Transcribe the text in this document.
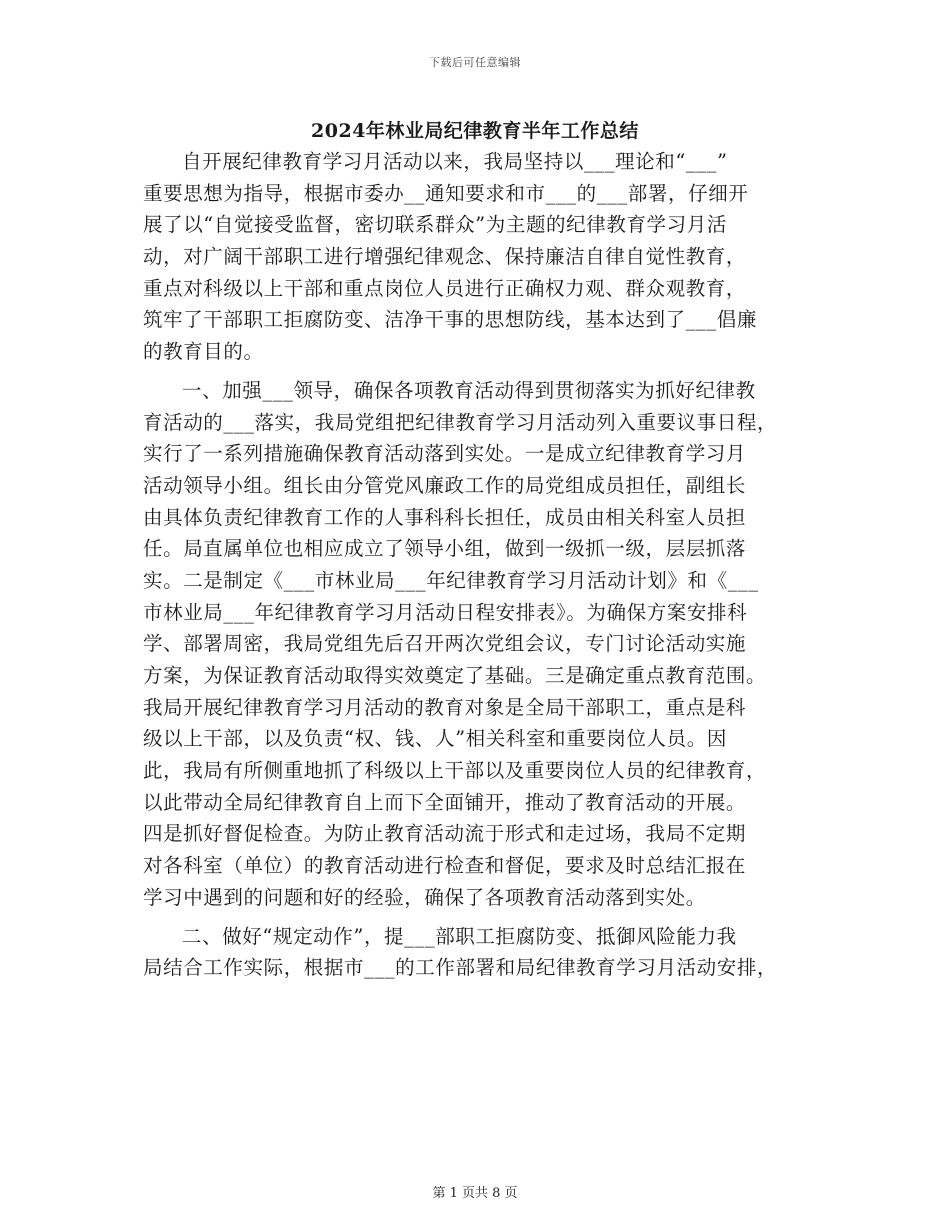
下载后可任意编辑
2024年林业局纪律教育半年工作总结
自开展纪律教育学习月活动以来，我局坚持以___理论和“___”
重要思想为指导，根据市委办__通知要求和市___的___部署，仔细开
展了以“自觉接受监督，密切联系群众”为主题的纪律教育学习月活
动，对广阔干部职工进行增强纪律观念、保持廉洁自律自觉性教育，
重点对科级以上干部和重点岗位人员进行正确权力观、群众观教育，
筑牢了干部职工拒腐防变、洁净干事的思想防线，基本达到了___倡廉
的教育目的。
一、加强___领导，确保各项教育活动得到贯彻落实为抓好纪律教
育活动的___落实，我局党组把纪律教育学习月活动列入重要议事日程，
实行了一系列措施确保教育活动落到实处。一是成立纪律教育学习月
活动领导小组。组长由分管党风廉政工作的局党组成员担任，副组长
由具体负责纪律教育工作的人事科科长担任，成员由相关科室人员担
任。局直属单位也相应成立了领导小组，做到一级抓一级，层层抓落
实。二是制定《___市林业局___年纪律教育学习月活动计划》和《___
市林业局___年纪律教育学习月活动日程安排表》。为确保方案安排科
学、部署周密，我局党组先后召开两次党组会议，专门讨论活动实施
方案，为保证教育活动取得实效奠定了基础。三是确定重点教育范围。
我局开展纪律教育学习月活动的教育对象是全局干部职工，重点是科
级以上干部，以及负责“权、钱、人”相关科室和重要岗位人员。因
此，我局有所侧重地抓了科级以上干部以及重要岗位人员的纪律教育，
以此带动全局纪律教育自上而下全面铺开，推动了教育活动的开展。
四是抓好督促检查。为防止教育活动流于形式和走过场，我局不定期
对各科室（单位）的教育活动进行检查和督促，要求及时总结汇报在
学习中遇到的问题和好的经验，确保了各项教育活动落到实处。
二、做好“规定动作”，提___部职工拒腐防变、抵御风险能力我
局结合工作实际，根据市___的工作部署和局纪律教育学习月活动安排，
第 1 页共 8 页
